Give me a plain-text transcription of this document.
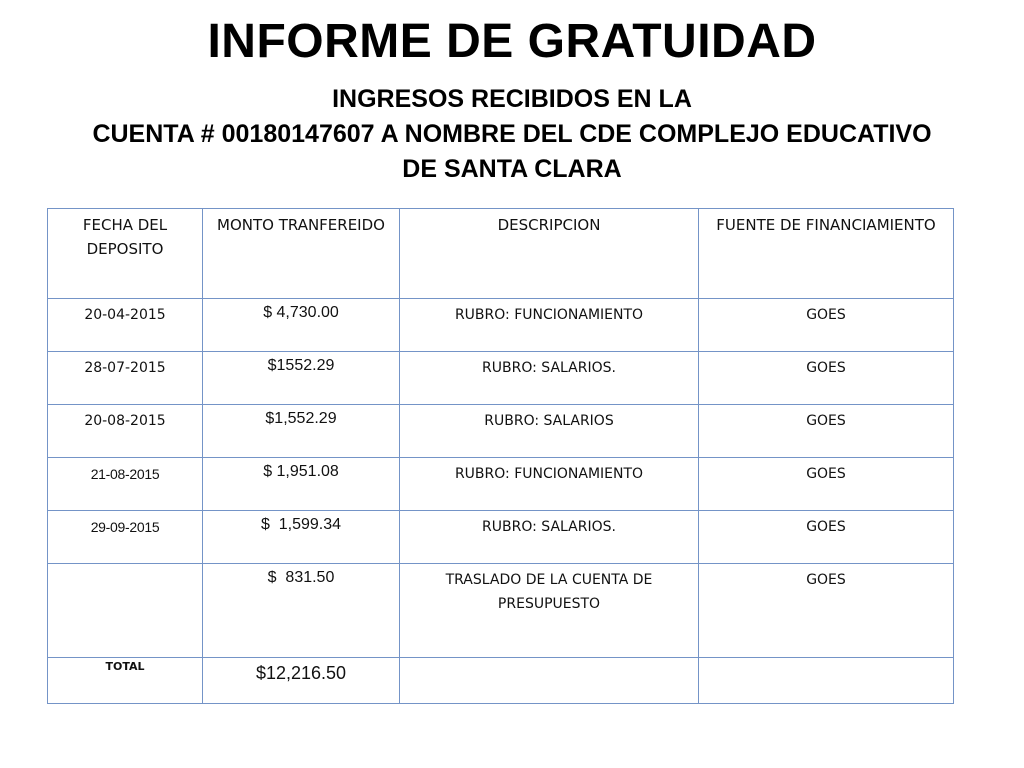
INFORME DE GRATUIDAD
INGRESOS RECIBIDOS EN LA
CUENTA # 00180147607 A NOMBRE DEL CDE COMPLEJO EDUCATIVO
DE SANTA CLARA
FECHA DEL DEPOSITO	MONTO TRANFEREIDO	DESCRIPCION	FUENTE DE FINANCIAMIENTO
20-04-2015	$ 4,730.00	RUBRO: FUNCIONAMIENTO	GOES
28-07-2015	$1552.29	RUBRO: SALARIOS.	GOES
20-08-2015	$1,552.29	RUBRO: SALARIOS	GOES
21-08-2015	$ 1,951.08	RUBRO: FUNCIONAMIENTO	GOES
29-09-2015	$  1,599.34	RUBRO: SALARIOS.	GOES
	$  831.50	TRASLADO DE LA CUENTA DE PRESUPUESTO	GOES
TOTAL	$12,216.50		
